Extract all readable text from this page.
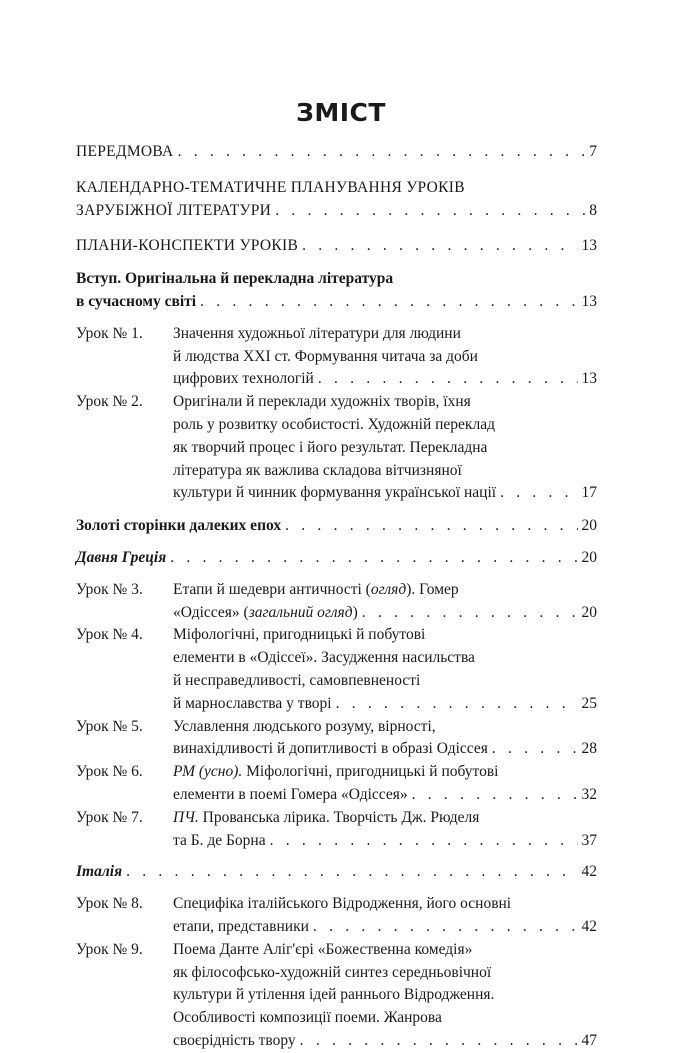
ЗМІСТ
ПЕРЕДМОВА . . .	7
КАЛЕНДАРНО-ТЕМАТИЧНЕ ПЛАНУВАННЯ УРОКІВ
ЗАРУБІЖНОЇ ЛІТЕРАТУРИ . . .	8
ПЛАНИ-КОНСПЕКТИ УРОКІВ . . .	13
Вступ. Оригінальна й перекладна література
в сучасному світі . . .	13
Урок № 1.	Значення художньої літератури для людини
й людства XXI ст. Формування читача за доби
цифрових технологій . . .	13
Урок № 2.	Оригінали й переклади художніх творів, їхня
роль у розвитку особистості. Художній переклад
як творчий процес і його результат. Перекладна
література як важлива складова вітчизняної
культури й чинник формування української нації . . .	17
Золоті сторінки далеких епох . . .	20
Давня Греція . . .	20
Урок № 3.	Етапи й шедеври античності (огляд). Гомер
«Одіссея» (загальний огляд) . . .	20
Урок № 4.	Міфологічні, пригодницькі й побутові
елементи в «Одіссеї». Засудження насильства
й несправедливості, самовпевненості
й марнославства у творі . . .	25
Урок № 5.	Уславлення людського розуму, вірності,
винахідливості й допитливості в образі Одіссея . . .	28
Урок № 6.	РМ (усно). Міфологічні, пригодницькі й побутові
елементи в поемі Гомера «Одіссея» . . .	32
Урок № 7.	ПЧ. Прованська лірика. Творчість Дж. Рюделя
та Б. де Борна . . .	37
Італія . . .	42
Урок № 8.	Специфіка італійського Відродження, його основні
етапи, представники . . .	42
Урок № 9.	Поема Данте Аліг'єрі «Божественна комедія»
як філософсько-художній синтез середньовічної
культури й утілення ідей раннього Відродження.
Особливості композиції поеми. Жанрова
своєрідність твору . . .	47
